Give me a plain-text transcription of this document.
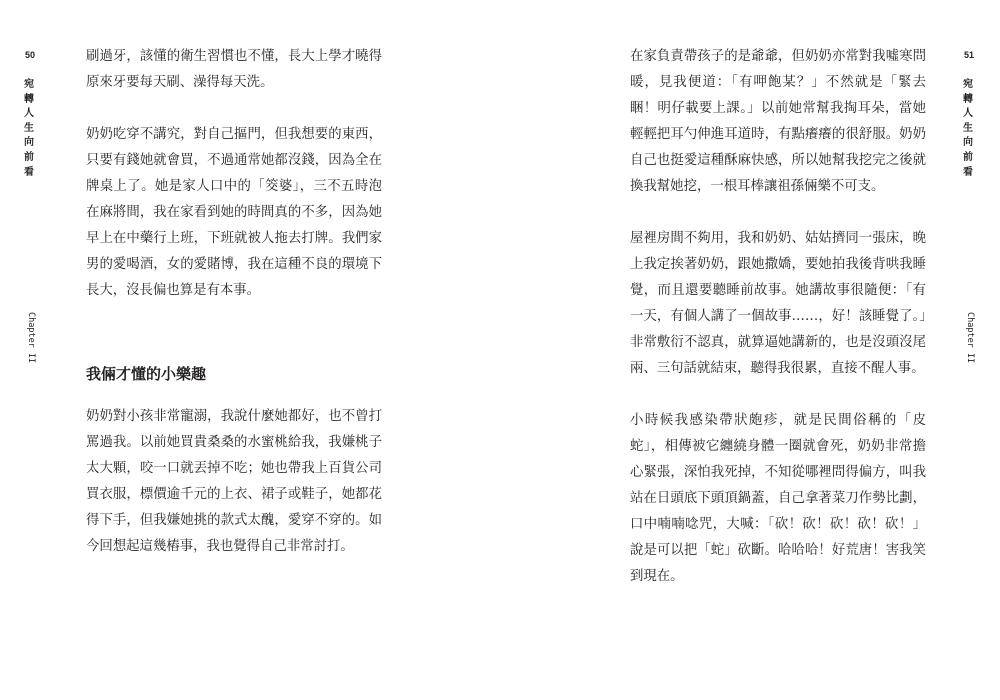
50
宛轉人生向前看
Chapter II

刷過牙，該懂的衛生習慣也不懂，長大上學才曉得原來牙要每天刷、澡得每天洗。

奶奶吃穿不講究，對自己摳門，但我想要的東西，只要有錢她就會買，不過通常她都沒錢，因為全在牌桌上了。她是家人口中的「筊婆」，三不五時泡在麻將間，我在家看到她的時間真的不多，因為她早上在中藥行上班，下班就被人拖去打牌。我們家男的愛喝酒，女的愛賭博，我在這種不良的環境下長大，沒長偏也算是有本事。

我倆才懂的小樂趣

奶奶對小孩非常寵溺，我說什麼她都好，也不曾打罵過我。以前她買貴桑桑的水蜜桃給我，我嫌桃子太大顆，咬一口就丟掉不吃；她也帶我上百貨公司買衣服，標價逾千元的上衣、裙子或鞋子，她都花得下手，但我嫌她挑的款式太醜，愛穿不穿的。如今回想起這幾樁事，我也覺得自己非常討打。

51
宛轉人生向前看
Chapter II

在家負責帶孩子的是爺爺，但奶奶亦常對我噓寒問暖，見我便道：「有呷飽某？」不然就是「緊去睏！明仔載要上課。」以前她常幫我掏耳朵，當她輕輕把耳勺伸進耳道時，有點癢癢的很舒服。奶奶自己也挺愛這種酥麻快感，所以她幫我挖完之後就換我幫她挖，一根耳棒讓祖孫倆樂不可支。

屋裡房間不夠用，我和奶奶、姑姑擠同一張床，晚上我定挨著奶奶，跟她撒嬌，要她拍我後背哄我睡覺，而且還要聽睡前故事。她講故事很隨便：「有一天，有個人講了一個故事……，好！該睡覺了。」非常敷衍不認真，就算逼她講新的，也是沒頭沒尾兩、三句話就結束，聽得我很累，直接不醒人事。

小時候我感染帶狀皰疹，就是民間俗稱的「皮蛇」，相傳被它纏繞身體一圈就會死，奶奶非常擔心緊張，深怕我死掉，不知從哪裡問得偏方，叫我站在日頭底下頭頂鍋蓋，自己拿著菜刀作勢比劃，口中喃喃唸咒，大喊：「砍！砍！砍！砍！砍！」說是可以把「蛇」砍斷。哈哈哈！好荒唐！害我笑到現在。
